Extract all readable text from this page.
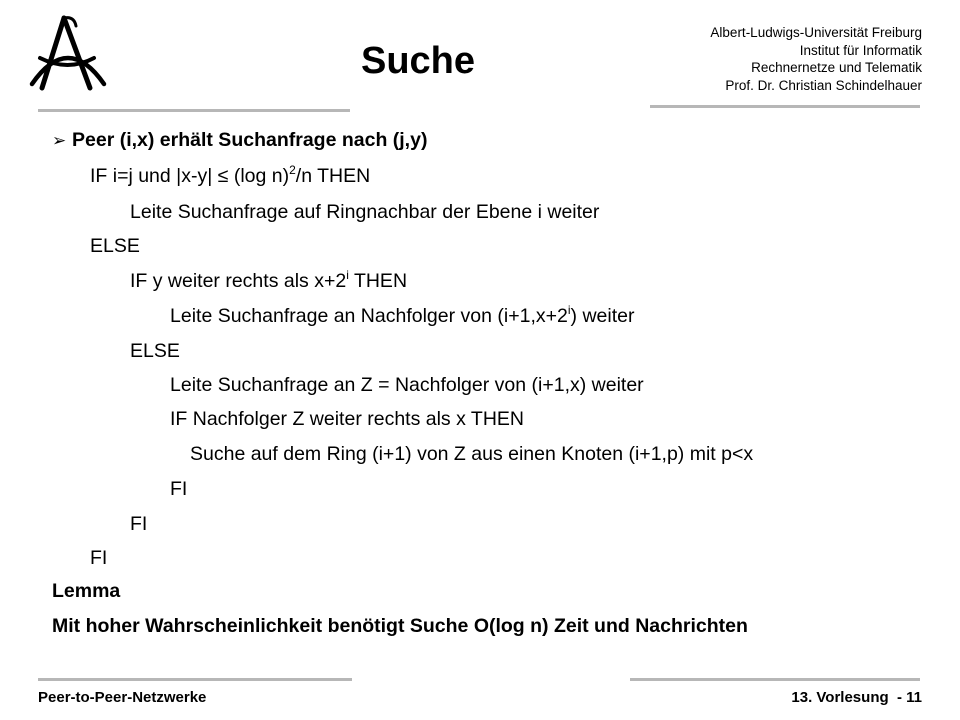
Suche
Albert-Ludwigs-Universität Freiburg
Institut für Informatik
Rechnernetze und Telematik
Prof. Dr. Christian Schindelhauer
➢ Peer (i,x) erhält Suchanfrage nach (j,y)
IF i=j und |x-y| ≤ (log n)$^2$/n THEN
Leite Suchanfrage auf Ringnachbar der Ebene i weiter
ELSE
IF y weiter rechts als $x+2^i$ THEN
Leite Suchanfrage an Nachfolger von $(i+1,x+2^i)$ weiter
ELSE
Leite Suchanfrage an Z = Nachfolger von (i+1,x) weiter
IF Nachfolger Z weiter rechts als x THEN
Suche auf dem Ring (i+1) von Z aus einen Knoten (i+1,p) mit p<x
FI
FI
FI
Lemma
Mit hoher Wahrscheinlichkeit benötigt Suche O(log n) Zeit und Nachrichten
Peer-to-Peer-Netzwerke	13. Vorlesung  - 11
